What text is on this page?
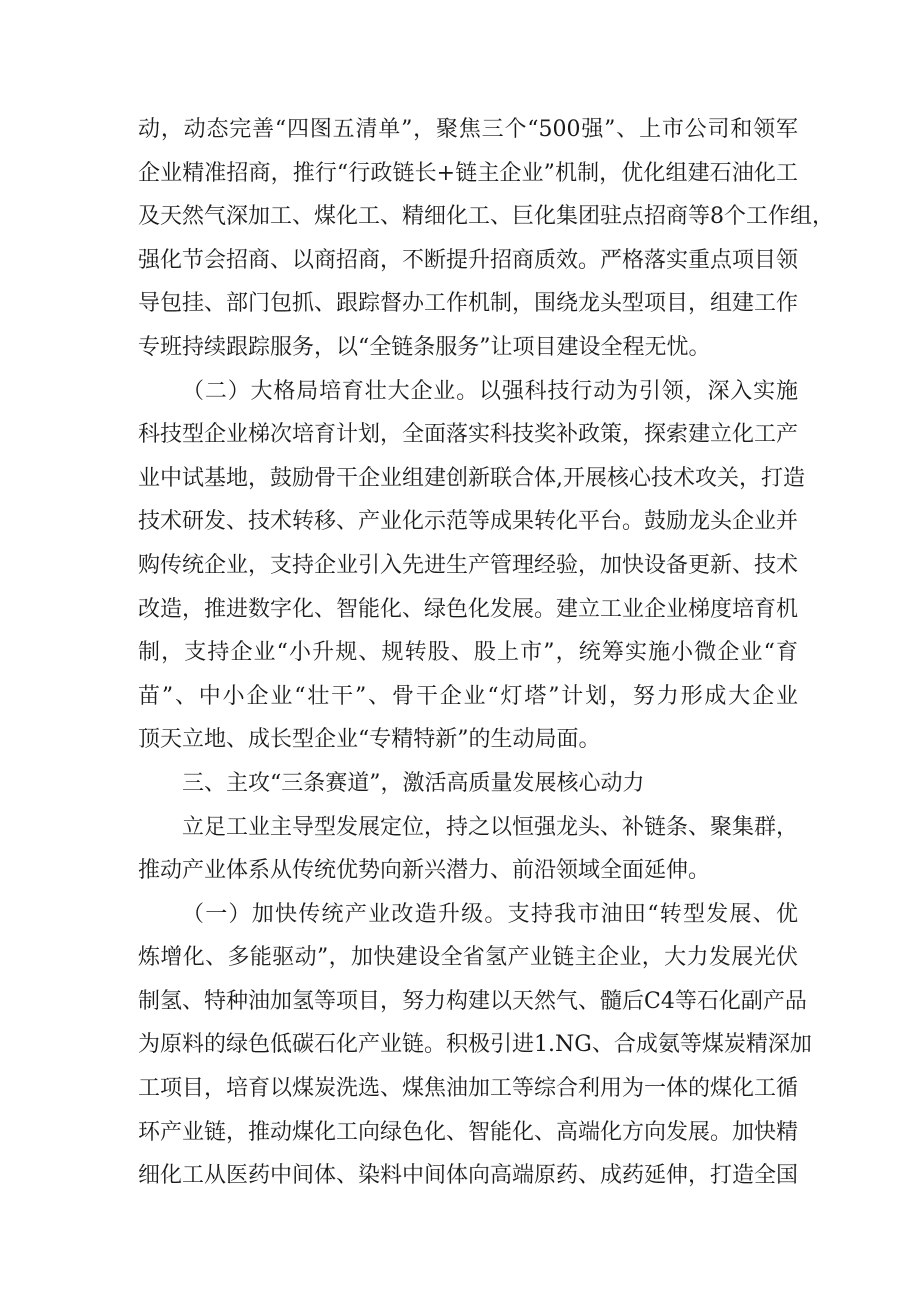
动，动态完善“四图五清单”，聚焦三个“500强”、上市公司和领军
企业精准招商，推行“行政链长+链主企业”机制，优化组建石油化工
及天然气深加工、煤化工、精细化工、巨化集团驻点招商等8个工作组，
强化节会招商、以商招商，不断提升招商质效。严格落实重点项目领
导包挂、部门包抓、跟踪督办工作机制，围绕龙头型项目，组建工作
专班持续跟踪服务，以“全链条服务”让项目建设全程无忧。
（二）大格局培育壮大企业。以强科技行动为引领，深入实施
科技型企业梯次培育计划，全面落实科技奖补政策，探索建立化工产
业中试基地，鼓励骨干企业组建创新联合体,开展核心技术攻关，打造
技术研发、技术转移、产业化示范等成果转化平台。鼓励龙头企业并
购传统企业，支持企业引入先进生产管理经验，加快设备更新、技术
改造，推进数字化、智能化、绿色化发展。建立工业企业梯度培育机
制，支持企业“小升规、规转股、股上市”，统筹实施小微企业“育
苗”、中小企业“壮干”、骨干企业“灯塔”计划，努力形成大企业
顶天立地、成长型企业“专精特新”的生动局面。
三、主攻“三条赛道”，激活高质量发展核心动力
立足工业主导型发展定位，持之以恒强龙头、补链条、聚集群，
推动产业体系从传统优势向新兴潜力、前沿领域全面延伸。
（一）加快传统产业改造升级。支持我市油田“转型发展、优
炼增化、多能驱动”，加快建设全省氢产业链主企业，大力发展光伏
制氢、特种油加氢等项目，努力构建以天然气、髓后C4等石化副产品
为原料的绿色低碳石化产业链。积极引进1.NG、合成氨等煤炭精深加
工项目，培育以煤炭洗选、煤焦油加工等综合利用为一体的煤化工循
环产业链，推动煤化工向绿色化、智能化、高端化方向发展。加快精
细化工从医药中间体、染料中间体向高端原药、成药延伸，打造全国
